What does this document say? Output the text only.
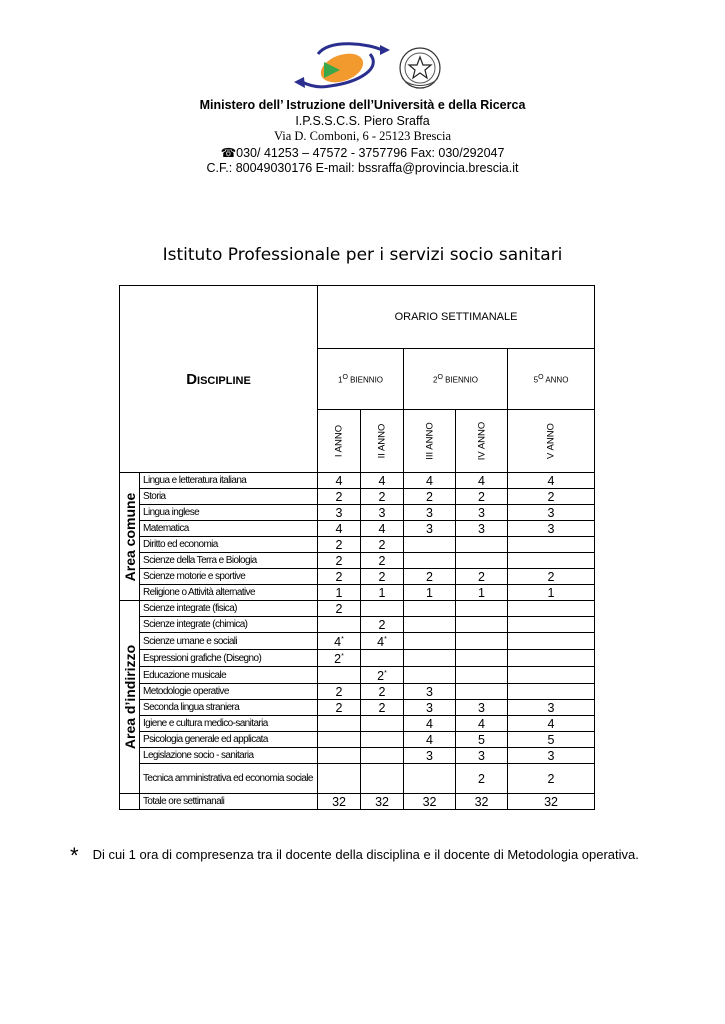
Ministero dell’ Istruzione dell’Università e della Ricerca
I.P.S.S.C.S. Piero Sraffa
Via D. Comboni, 6 - 25123 Brescia
☎030/ 41253 – 47572 - 3757796 Fax: 030/292047
C.F.: 80049030176 E-mail: bssraffa@provincia.brescia.it
Istituto Professionale per i servizi socio sanitari
DISCIPLINE		ORARIO SETTIMANALE				
		1O BIENNIO		2O BIENNIO		5O ANNO

		I ANNO	II ANNO	III ANNO	IV ANNO	V ANNO

Area comune	Lingua e letteratura italiana	4	4	4	4	4
	Storia	2	2	2	2	2
	Lingua inglese	3	3	3	3	3
	Matematica	4	4	3	3	3
	Diritto ed economia	2	2			
	Scienze della Terra e Biologia	2	2			
	Scienze motorie e sportive	2	2	2	2	2
	Religione o Attività alternative	1	1	1	1	1

Area d’indirizzo	Scienze integrate (fisica)	2				
	Scienze integrate (chimica)		2			
	Scienze umane e sociali	4*	4*			
	Espressioni grafiche (Disegno)	2*				
	Educazione musicale		2*			
	Metodologie operative	2	2	3		
	Seconda lingua straniera	2	2	3	3	3
	Igiene e cultura medico-sanitaria			4	4	4
	Psicologia generale ed applicata			4	5	5
	Legislazione socio - sanitaria			3	3	3
	Tecnica amministrativa ed economia sociale				2	2
	Totale ore settimanali	32	32	32	32	32
* Di cui 1 ora di compresenza tra il docente della disciplina e il docente di Metodologia operativa.
